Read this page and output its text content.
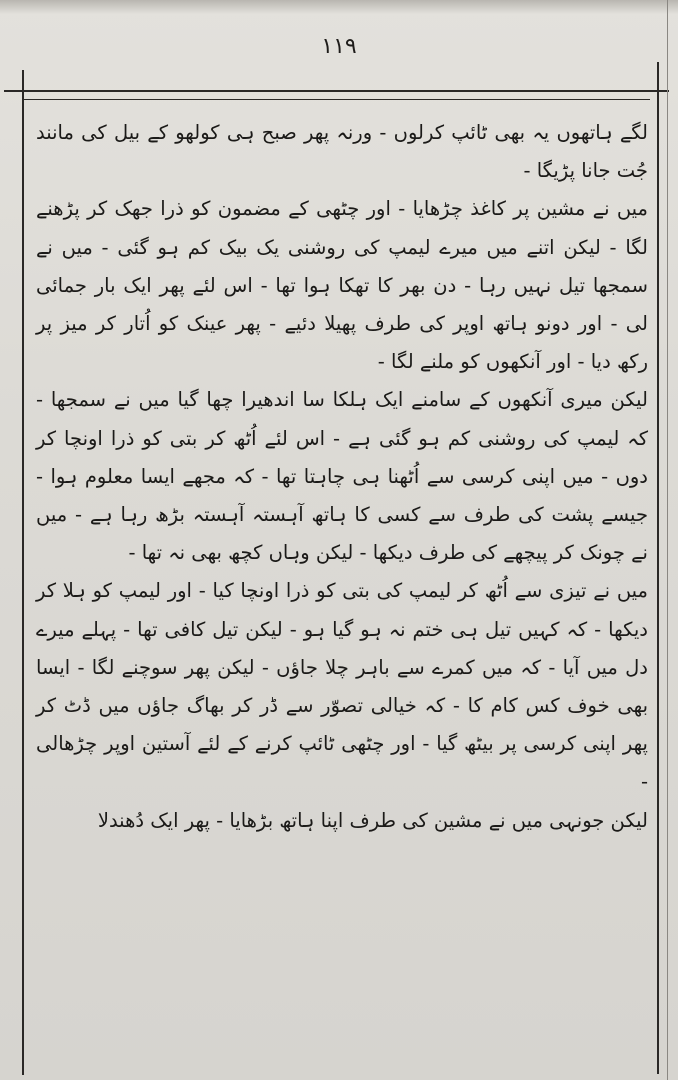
۱۱۹

لگے ہاتھوں یہ بھی ٹائپ کرلوں - ورنہ پھر صبح ہی کولھو کے بیل کی مانند جُت جانا پڑیگا -

میں نے مشین پر کاغذ چڑھایا - اور چٹھی کے مضمون کو ذرا جھک کر پڑھنے لگا - لیکن اتنے میں میرے لیمپ کی روشنی یک بیک کم ہو گئی - میں نے سمجھا تیل نہیں رہا - دن بھر کا تھکا ہوا تھا - اس لئے پھر ایک بار جمائی لی - اور دونو ہاتھ اوپر کی طرف پھیلا دئیے - پھر عینک کو اُتار کر میز پر رکھ دیا - اور آنکھوں کو ملنے لگا -

لیکن میری آنکھوں کے سامنے ایک ہلکا سا اندھیرا چھا گیا میں نے سمجھا - کہ لیمپ کی روشنی کم ہو گئی ہے - اس لئے اُٹھ کر بتی کو ذرا اونچا کر دوں - میں اپنی کرسی سے اُٹھنا ہی چاہتا تھا - کہ مجھے ایسا معلوم ہوا - جیسے پشت کی طرف سے کسی کا ہاتھ آہستہ آہستہ بڑھ رہا ہے - میں نے چونک کر پیچھے کی طرف دیکھا - لیکن وہاں کچھ بھی نہ تھا -

میں نے تیزی سے اُٹھ کر لیمپ کی بتی کو ذرا اونچا کیا - اور لیمپ کو ہلا کر دیکھا - کہ کہیں تیل ہی ختم نہ ہو گیا ہو - لیکن تیل کافی تھا - پہلے میرے دل میں آیا - کہ میں کمرے سے باہر چلا جاؤں - لیکن پھر سوچنے لگا - ایسا بھی خوف کس کام کا - کہ خیالی تصوّر سے ڈر کر بھاگ جاؤں میں ڈٹ کر پھر اپنی کرسی پر بیٹھ گیا - اور چٹھی ٹائپ کرنے کے لئے آستین اوپر چڑھالی -

لیکن جونہی میں نے مشین کی طرف اپنا ہاتھ بڑھایا - پھر ایک دُھندلا
